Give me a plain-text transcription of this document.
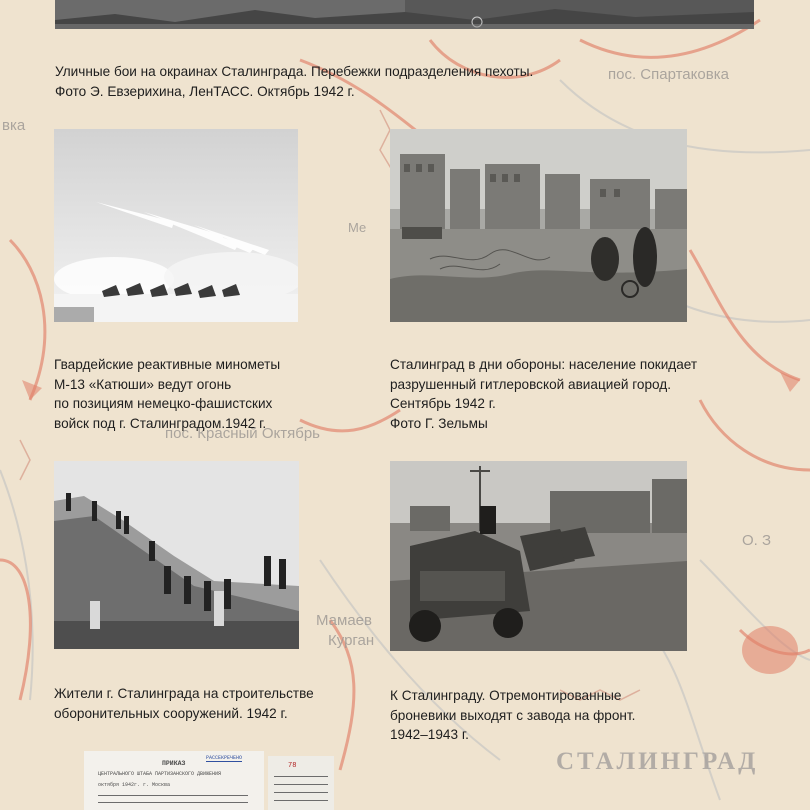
пос. Спартаковка
пос. Красный Октябрь
Мамаев
Курган
СТАЛИНГРАД
О. З
вка
Ме

Уличные бои на окраинах Сталинграда. Перебежки подразделения пехоты.
Фото Э. Евзерихина, ЛенТАСС. Октябрь 1942 г.

Гвардейские реактивные минометы
М-13 «Катюши» ведут огонь
по позициям немецко-фашистских
войск под г. Сталинградом.1942 г.

Сталинград в дни обороны: население покидает
разрушенный гитлеровской авиацией город.
Сентябрь 1942 г.
Фото Г. Зельмы

Жители г. Сталинграда на строительстве
оборонительных сооружений. 1942 г.

К Сталинграду. Отремонтированные
броневики выходят с завода на фронт.
1942–1943 г.

ПРИКАЗ
РАССЕКРЕЧЕНО
ЦЕНТРАЛЬНОГО ШТАБА ПАРТИЗАНСКОГО ДВИЖЕНИЯ
октября 1942г. г. Москва
78
